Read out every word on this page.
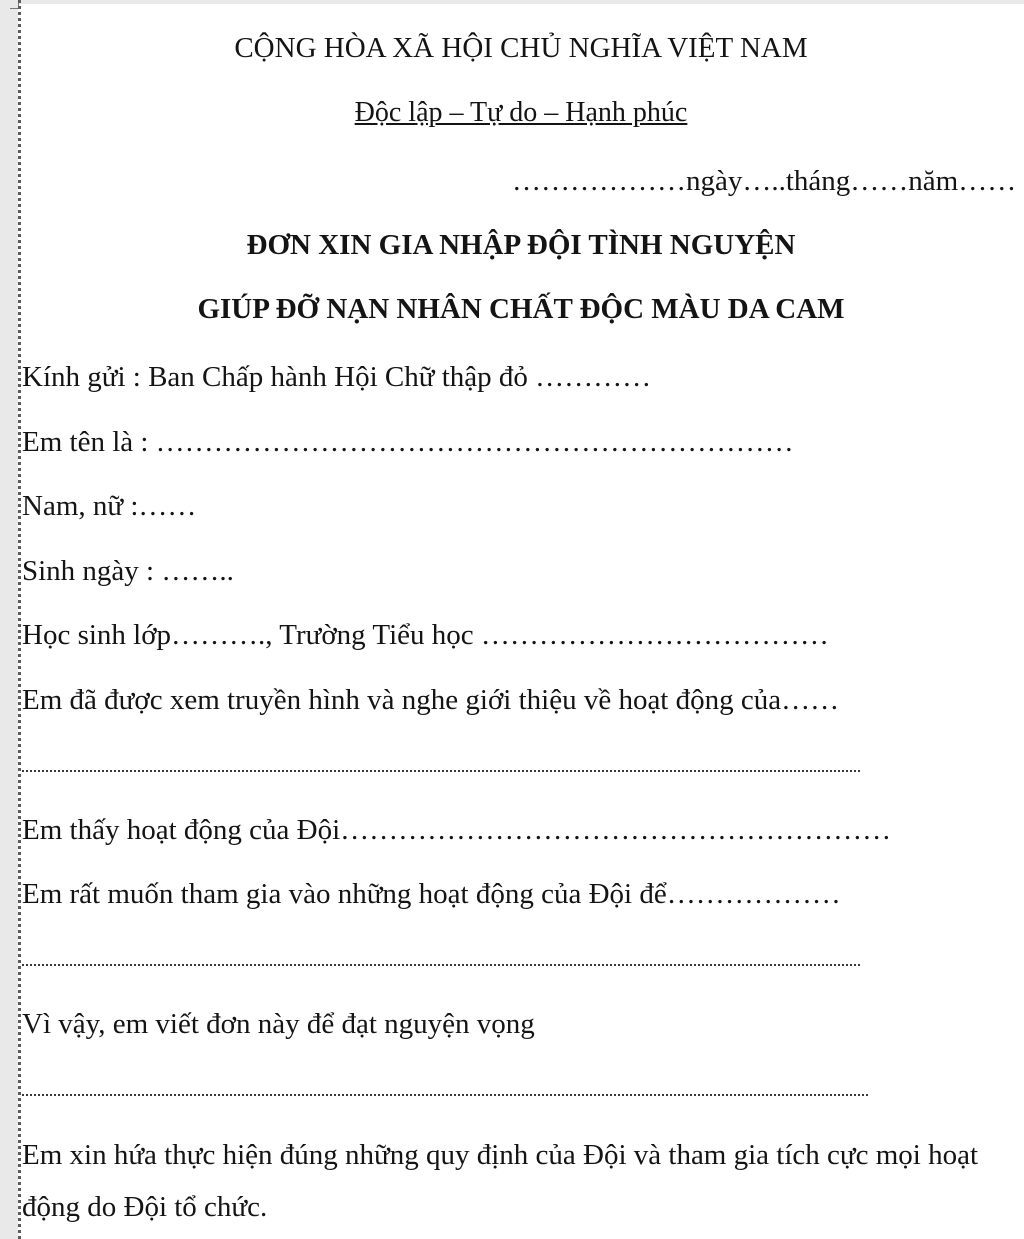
CỘNG HÒA XÃ HỘI CHỦ NGHĨA VIỆT NAM
Độc lập – Tự do – Hạnh phúc
………………ngày…..tháng……năm……
ĐƠN XIN GIA NHẬP ĐỘI TÌNH NGUYỆN
GIÚP ĐỠ NẠN NHÂN CHẤT ĐỘC MÀU DA CAM
Kính gửi : Ban Chấp hành Hội Chữ thập đỏ …………
Em tên là : …………………………………………………………
Nam, nữ :……
Sinh ngày : ……..
Học sinh lớp………., Trường Tiểu học ………………………………
Em đã được xem truyền hình và nghe giới thiệu về hoạt động của……
Em thấy hoạt động của Đội…………………………………………………
Em rất muốn tham gia vào những hoạt động của Đội để………………
Vì vậy, em viết đơn này để đạt nguyện vọng
Em xin hứa thực hiện đúng những quy định của Đội và tham gia tích cực mọi hoạt
động do Đội tổ chức.
